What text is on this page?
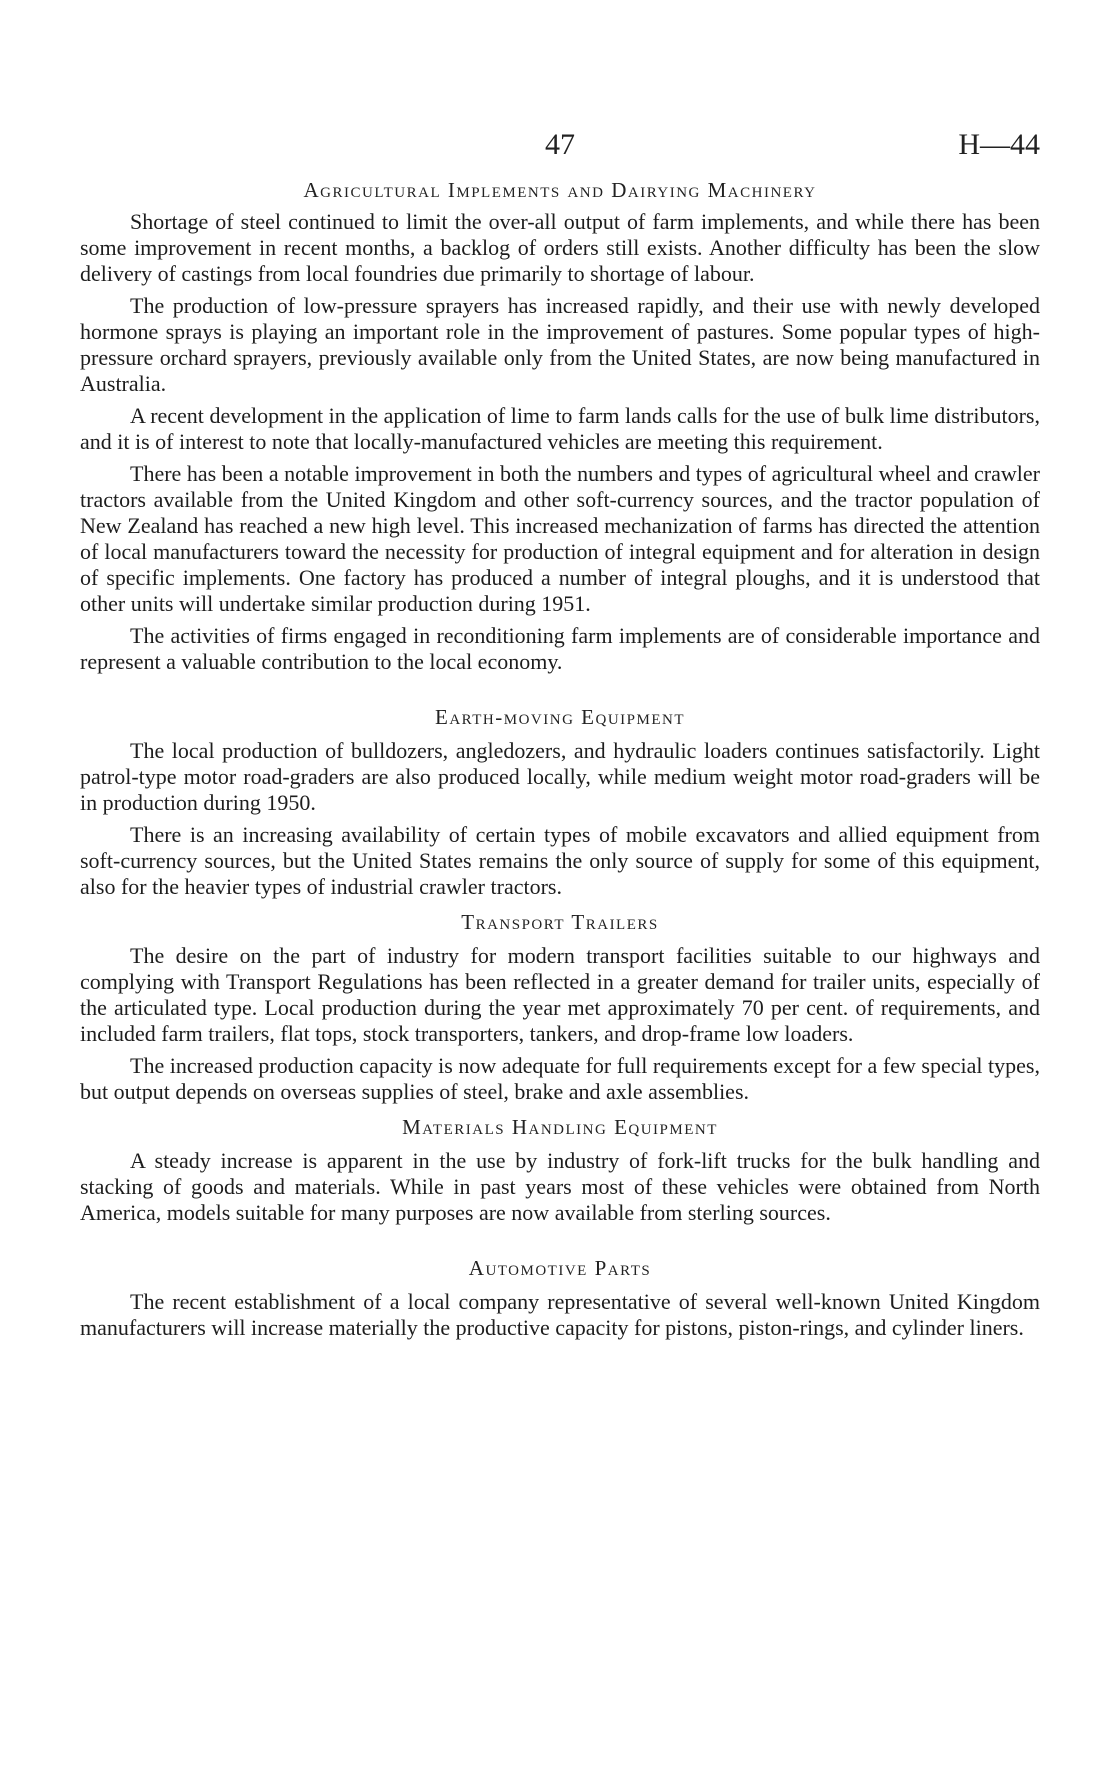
47	H—44
Agricultural Implements and Dairying Machinery

Shortage of steel continued to limit the over-all output of farm implements, and while there has been some improvement in recent months, a backlog of orders still exists. Another difficulty has been the slow delivery of castings from local foundries due primarily to shortage of labour.

The production of low-pressure sprayers has increased rapidly, and their use with newly developed hormone sprays is playing an important role in the improvement of pastures. Some popular types of high-pressure orchard sprayers, previously available only from the United States, are now being manufactured in Australia.

A recent development in the application of lime to farm lands calls for the use of bulk lime distributors, and it is of interest to note that locally-manufactured vehicles are meeting this requirement.

There has been a notable improvement in both the numbers and types of agricultural wheel and crawler tractors available from the United Kingdom and other soft-currency sources, and the tractor population of New Zealand has reached a new high level. This increased mechanization of farms has directed the attention of local manufacturers toward the necessity for production of integral equipment and for alteration in design of specific implements. One factory has produced a number of integral ploughs, and it is understood that other units will undertake similar production during 1951.

The activities of firms engaged in reconditioning farm implements are of considerable importance and represent a valuable contribution to the local economy.

Earth-moving Equipment

The local production of bulldozers, angledozers, and hydraulic loaders continues satisfactorily. Light patrol-type motor road-graders are also produced locally, while medium weight motor road-graders will be in production during 1950.

There is an increasing availability of certain types of mobile excavators and allied equipment from soft-currency sources, but the United States remains the only source of supply for some of this equipment, also for the heavier types of industrial crawler tractors.

Transport Trailers

The desire on the part of industry for modern transport facilities suitable to our highways and complying with Transport Regulations has been reflected in a greater demand for trailer units, especially of the articulated type. Local production during the year met approximately 70 per cent. of requirements, and included farm trailers, flat tops, stock transporters, tankers, and drop-frame low loaders.

The increased production capacity is now adequate for full requirements except for a few special types, but output depends on overseas supplies of steel, brake and axle assemblies.

Materials Handling Equipment

A steady increase is apparent in the use by industry of fork-lift trucks for the bulk handling and stacking of goods and materials. While in past years most of these vehicles were obtained from North America, models suitable for many purposes are now available from sterling sources.

Automotive Parts

The recent establishment of a local company representative of several well-known United Kingdom manufacturers will increase materially the productive capacity for pistons, piston-rings, and cylinder liners.
